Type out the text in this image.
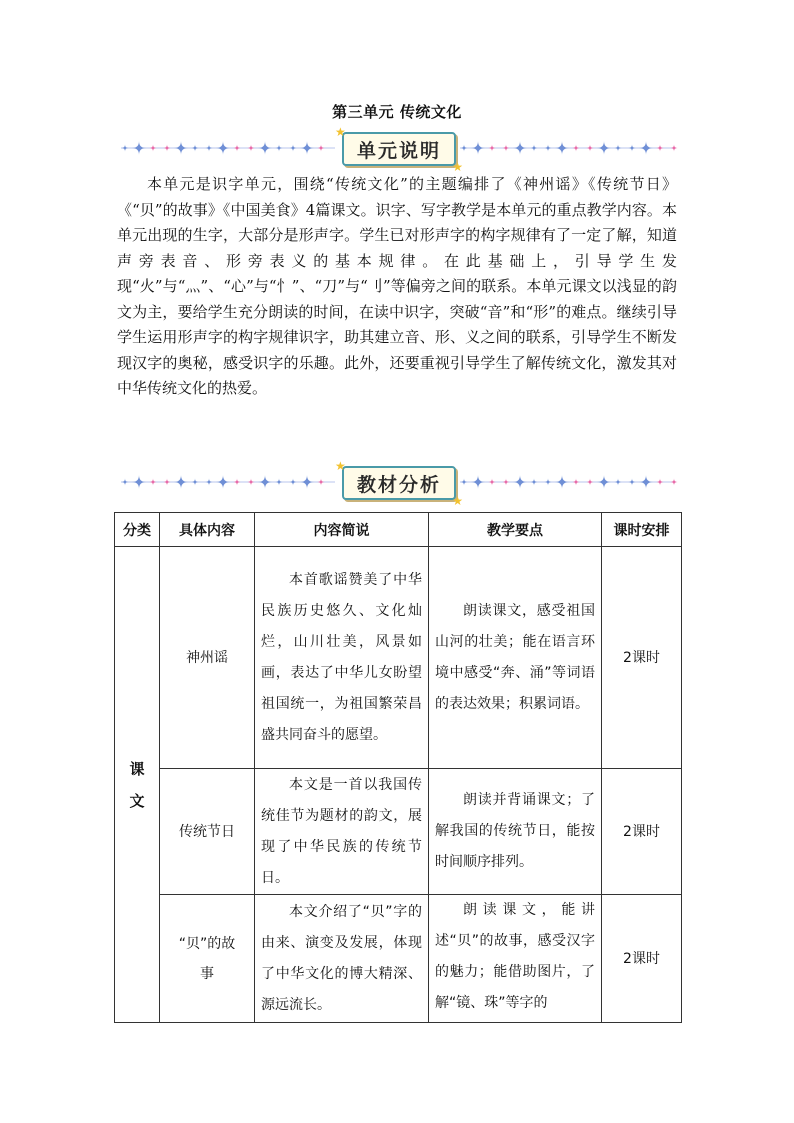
第三单元 传统文化
单元说明
★
★
本单元是识字单元，围绕“传统文化”的主题编排了《神州谣》《传统节日》《“贝”的故事》《中国美食》4篇课文。识字、写字教学是本单元的重点教学内容。本单元出现的生字，大部分是形声字。学生已对形声字的构字规律有了一定了解，知道声旁表音、形旁表义的基本规律。在此基础上，引导学生发现“火”与“灬”、“心”与“忄”、“刀”与“刂”等偏旁之间的联系。本单元课文以浅显的韵文为主，要给学生充分朗读的时间，在读中识字，突破“音”和“形”的难点。继续引导学生运用形声字的构字规律识字，助其建立音、形、义之间的联系，引导学生不断发现汉字的奥秘，感受识字的乐趣。此外，还要重视引导学生了解传统文化，激发其对中华传统文化的热爱。
教材分析
★
★
分类	具体内容	内容简说	教学要点	课时安排
课文	神州谣	本首歌谣赞美了中华民族历史悠久、文化灿烂，山川壮美，风景如画，表达了中华儿女盼望祖国统一，为祖国繁荣昌盛共同奋斗的愿望。	朗读课文，感受祖国山河的壮美；能在语言环境中感受“奔、涌”等词语的表达效果；积累词语。	2课时
	传统节日	本文是一首以我国传统佳节为题材的韵文，展现了中华民族的传统节日。	朗读并背诵课文；了解我国的传统节日，能按时间顺序排列。	2课时
	“贝”的故事	本文介绍了“贝”字的由来、演变及发展，体现了中华文化的博大精深、源远流长。	朗读课文，能讲述“贝”的故事，感受汉字的魅力；能借助图片，了解“镜、珠”等字的	2课时
